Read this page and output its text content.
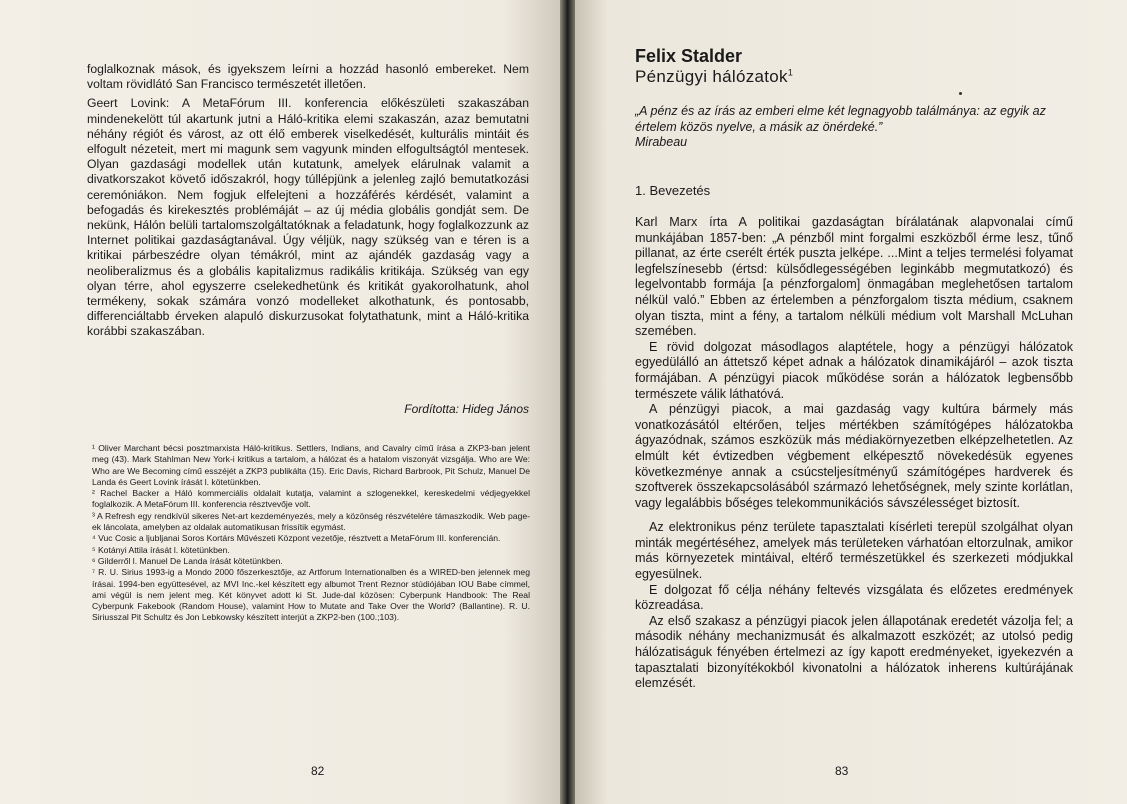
foglalkoznak mások, és igyekszem leírni a hozzád hasonló embereket. Nem voltam rövidlátó San Francisco természetét illetően.

Geert Lovink: A MetaFórum III. konferencia előkészületi szakaszában mindenekelött túl akartunk jutni a Háló-kritika elemi szakaszán, azaz bemutatni néhány régiót és várost, az ott élő emberek viselkedését, kulturális mintáit és elfogult nézeteit, mert mi magunk sem vagyunk minden elfogultságtól mentesek. Olyan gazdasági modellek után kutatunk, amelyek elárulnak valamit a divatkorszakot követő időszakról, hogy túllépjünk a jelenleg zajló bemutatkozási ceremóniákon. Nem fogjuk elfelejteni a hozzáférés kérdését, valamint a befogadás és kirekesztés problémáját – az új média globális gondját sem. De nekünk, Hálón belüli tartalomszolgáltatóknak a feladatunk, hogy foglalkozzunk az Internet politikai gazdaságtanával. Úgy véljük, nagy szükség van e téren is a kritikai párbeszédre olyan témákról, mint az ajándék gazdaság vagy a neoliberalizmus és a globális kapitalizmus radikális kritikája. Szükség van egy olyan térre, ahol egyszerre cselekedhetünk és kritikát gyakorolhatunk, ahol termékeny, sokak számára vonzó modelleket alkothatunk, és pontosabb, differenciáltabb érveken alapuló diskurzusokat folytathatunk, mint a Háló-kritika korábbi szakaszában.

Fordította: Hideg János

¹ Oliver Marchant bécsi posztmarxista Háló-kritikus. Settlers, Indians, and Cavalry című írása a ZKP3-ban jelent meg (43). Mark Stahlman New York-i kritikus a tartalom, a hálózat és a hatalom viszonyát vizsgálja. Who are We: Who are We Becoming című esszéjét a ZKP3 publikálta (15). Eric Davis, Richard Barbrook, Pit Schulz, Manuel De Landa és Geert Lovink írását l. kötetünkben.

² Rachel Backer a Háló kommerciális oldalait kutatja, valamint a szlogenekkel, kereskedelmi védjegyekkel foglalkozik. A MetaFórum III. konferencia résztvevője volt.

³ A Refresh egy rendkívül sikeres Net-art kezdeményezés, mely a közönség részvételére támaszkodik. Web page-ek láncolata, amelyben az oldalak automatikusan frissítik egymást.

⁴ Vuc Cosic a ljubljanai Soros Kortárs Művészeti Központ vezetője, résztvett a MetaFórum III. konferencián.

⁵ Kotányi Attila írását l. kötetünkben.

⁶ Gilderről l. Manuel De Landa írását kötetünkben.

⁷ R. U. Sirius 1993-ig a Mondo 2000 főszerkesztője, az Artforum Internationalben és a WIRED-ben jelennek meg írásai. 1994-ben együttesével, az MVI Inc.-kel készített egy albumot Trent Reznor stúdiójában IOU Babe címmel, ami végül is nem jelent meg. Két könyvet adott ki St. Jude-dal közösen: Cyberpunk Handbook: The Real Cyberpunk Fakebook (Random House), valamint How to Mutate and Take Over the World? (Ballantine). R. U. Siriusszal Pit Schultz és Jon Lebkowsky készített interjút a ZKP2-ben (100.;103).

82
Felix Stalder
Pénzügyi hálózatok$^1$

„A pénz és az írás az emberi elme két legnagyobb találmánya: az egyik az értelem közös nyelve, a másik az önérdeké.”

Mirabeau

1. Bevezetés

Karl Marx írta A politikai gazdaságtan bírálatának alapvonalai című munkájában 1857-ben: „A pénzből mint forgalmi eszközből érme lesz, tűnő pillanat, az érte cserélt érték puszta jelképe. ...Mint a teljes termelési folyamat legfelszínesebb (értsd: külsődlegességében leginkább megmutatkozó) és legelvontabb formája [a pénzforgalom] önmagában meglehetősen tartalom nélkül való.” Ebben az értelemben a pénzforgalom tiszta médium, csaknem olyan tiszta, mint a fény, a tartalom nélküli médium volt Marshall McLuhan szemében.

E rövid dolgozat másodlagos alaptétele, hogy a pénzügyi hálózatok egyedülálló an áttetsző képet adnak a hálózatok dinamikájáról – azok tiszta formájában. A pénzügyi piacok működése során a hálózatok legbensőbb természete válik láthatóvá.

A pénzügyi piacok, a mai gazdaság vagy kultúra bármely más vonatkozásától eltérően, teljes mértékben számítógépes hálózatokba ágyazódnak, számos eszközük más médiakörnyezetben elképzelhetetlen. Az elmúlt két évtizedben végbement elképesztő növekedésük egyenes következménye annak a csúcsteljesítményű számítógépes hardverek és szoftverek összekapcsolásából származó lehetőségnek, mely szinte korlátlan, vagy legalábbis bőséges telekommunikációs sávszélességet biztosít.

Az elektronikus pénz területe tapasztalati kísérleti terepül szolgálhat olyan minták megértéséhez, amelyek más területeken várhatóan eltorzulnak, amikor más környezetek mintáival, eltérő természetükkel és szerkezeti módjukkal egyesülnek.

E dolgozat fő célja néhány feltevés vizsgálata és előzetes eredmények közreadása.

Az első szakasz a pénzügyi piacok jelen állapotának eredetét vázolja fel; a második néhány mechanizmusát és alkalmazott eszközét; az utolsó pedig hálózatiságuk fényében értelmezi az így kapott eredményeket, igyekezvén a tapasztalati bizonyítékokból kivonatolni a hálózatok inherens kultúrájának elemzését.

83
